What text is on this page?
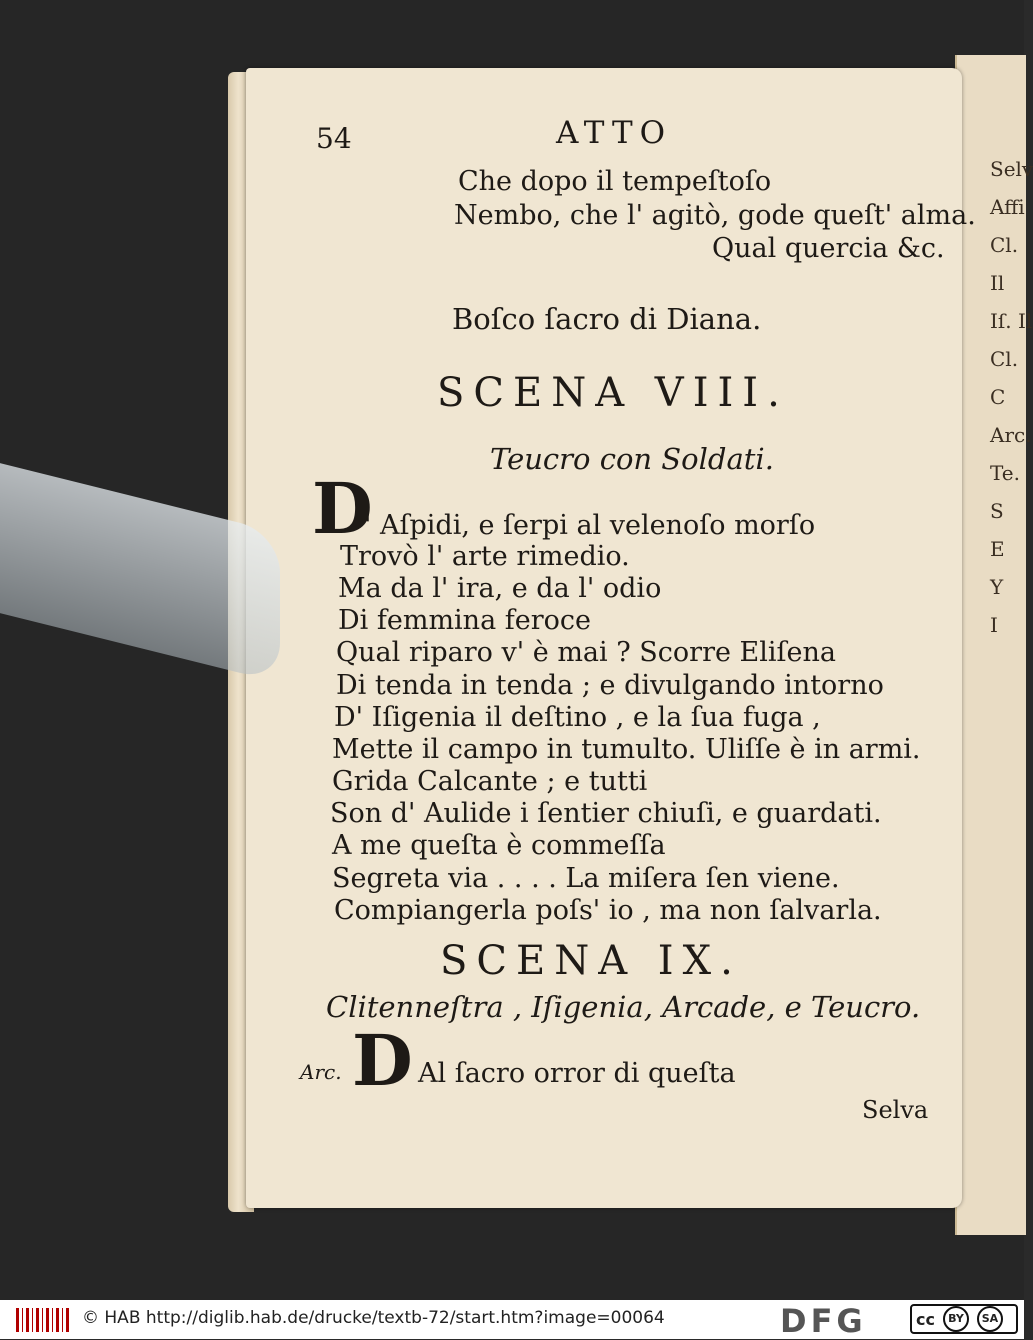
Selv
Affi
Cl. Il
Iſ. Il
Cl. C
Arc.
Te. S
E
Y
I
54	ATTO
Che dopo il tempeſtoſo
Nembo, che l' agitò, gode queſt' alma.
Qual quercia &c.
Boſco ſacro di Diana.
SCENA VIII.
Teucro con Soldati.
D
' Aſpidi, e ſerpi al velenoſo morſo
Trovò l' arte rimedio.
Ma da l' ira, e da l' odio
Di femmina feroce
Qual riparo v' è mai ? Scorre Eliſena
Di tenda in tenda ; e divulgando intorno
D' Iſigenia il deſtino , e la ſua fuga ,
Mette il campo in tumulto. Uliſſe è in armi.
Grida Calcante ; e tutti
Son d' Aulide i ſentier chiuſi, e guardati.
A me queſta è commeſſa
Segreta via . . . . La miſera ſen viene.
Compiangerla poſs' io , ma non ſalvarla.
SCENA IX.
Clitenneſtra , Iſigenia, Arcade, e Teucro.
Arc. D Al ſacro orror di queſta
Selva
© HAB http://diglib.hab.de/drucke/textb-72/start.htm?image=00064	DFG	cc	BY	SA
